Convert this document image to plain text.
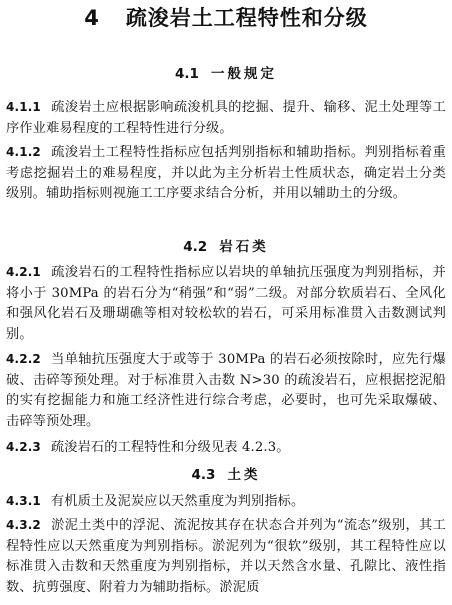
4 疏浚岩土工程特性和分级
4.1 一般规定
4.1.1 疏浚岩土应根据影响疏浚机具的挖掘、提升、输移、泥土处理等工序作业难易程度的工程特性进行分级。
4.1.2 疏浚岩土工程特性指标应包括判别指标和辅助指标。判别指标着重考虑挖掘岩土的难易程度，并以此为主分析岩土性质状态，确定岩土分类级别。辅助指标则视施工工序要求结合分析，并用以辅助土的分级。
4.2 岩石类
4.2.1 疏浚岩石的工程特性指标应以岩块的单轴抗压强度为判别指标，并将小于 30MPa 的岩石分为“稍强”和“弱”二级。对部分软质岩石、全风化和强风化岩石及珊瑚礁等相对较松软的岩石，可采用标准贯入击数测试判别。
4.2.2 当单轴抗压强度大于或等于 30MPa 的岩石必须按除时，应先行爆破、击碎等预处理。对于标准贯入击数 N>30 的疏浚岩石，应根据挖泥船的实有挖掘能力和施工经济性进行综合考虑，必要时，也可先采取爆破、击碎等预处理。
4.2.3 疏浚岩石的工程特性和分级见表 4.2.3。
4.3 土类
4.3.1 有机质土及泥炭应以天然重度为判别指标。
4.3.2 淤泥土类中的浮泥、流泥按其存在状态合并列为“流态”级别，其工程特性应以天然重度为判别指标。淤泥列为“很软”级别，其工程特性应以标准贯入击数和天然重度为判别指标，并以天然含水量、孔隙比、液性指数、抗剪强度、附着力为辅助指标。淤泥质
